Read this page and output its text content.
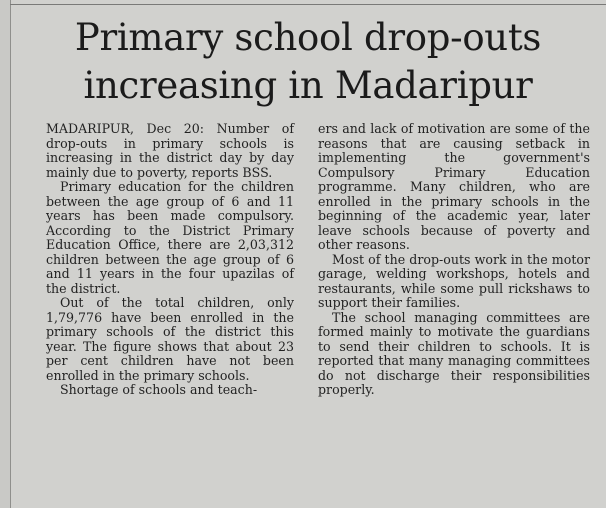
Primary school drop-outs
increasing in Madaripur

MADARIPUR, Dec 20: Number of drop-outs in primary schools is increasing in the district day by day mainly due to poverty, reports BSS.

Primary education for the children between the age group of 6 and 11 years has been made compulsory. According to the District Primary Education Office, there are 2,03,312 children between the age group of 6 and 11 years in the four upazilas of the district.

Out of the total children, only 1,79,776 have been enrolled in the primary schools of the district this year. The figure shows that about 23 per cent children have not been enrolled in the primary schools.

Shortage of schools and teach-

ers and lack of motivation are some of the reasons that are causing setback in implementing the government's Compulsory Primary Education programme. Many children, who are enrolled in the primary schools in the beginning of the academic year, later leave schools because of poverty and other reasons.

Most of the drop-outs work in the motor garage, welding workshops, hotels and restaurants, while some pull rickshaws to support their families.

The school managing committees are formed mainly to motivate the guardians to send their children to schools. It is reported that many managing committees do not discharge their responsibilities properly.
